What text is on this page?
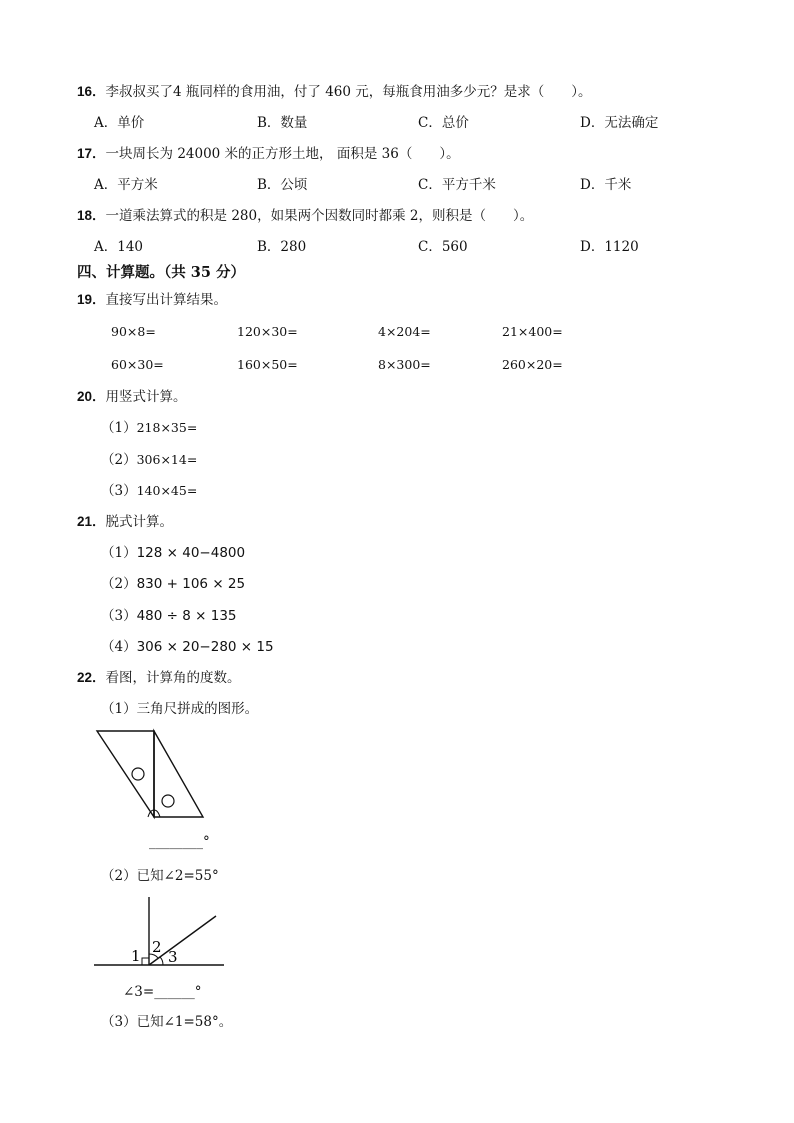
16．李叔叔买了4 瓶同样的食用油，付了 460 元，每瓶食用油多少元？是求（　　）。
A．单价	B．数量	C．总价	D．无法确定
17．一块周长为 24000 米的正方形土地， 面积是 36（　　）。
A．平方米	B．公顷	C．平方千米	D．千米
18．一道乘法算式的积是 280，如果两个因数同时都乘 2，则积是（　　）。
A．140	B．280	C．560	D．1120
四、计算题。（共 35 分）
19．直接写出计算结果。
90×8=	120×30=	4×204=	21×400=
60×30=	160×50=	8×300=	260×20=
20．用竖式计算。
（1）218×35=
（2）306×14=
（3）140×45=
21．脱式计算。
（1）128 × 40−4800
（2）830 + 106 × 25
（3）480 ÷ 8 × 135
（4）306 × 20−280 × 15
22．看图，计算角的度数。
（1）三角尺拼成的图形。
________°
（2）已知∠2=55°
1 2
3
∠3=______°
（3）已知∠1=58°。
